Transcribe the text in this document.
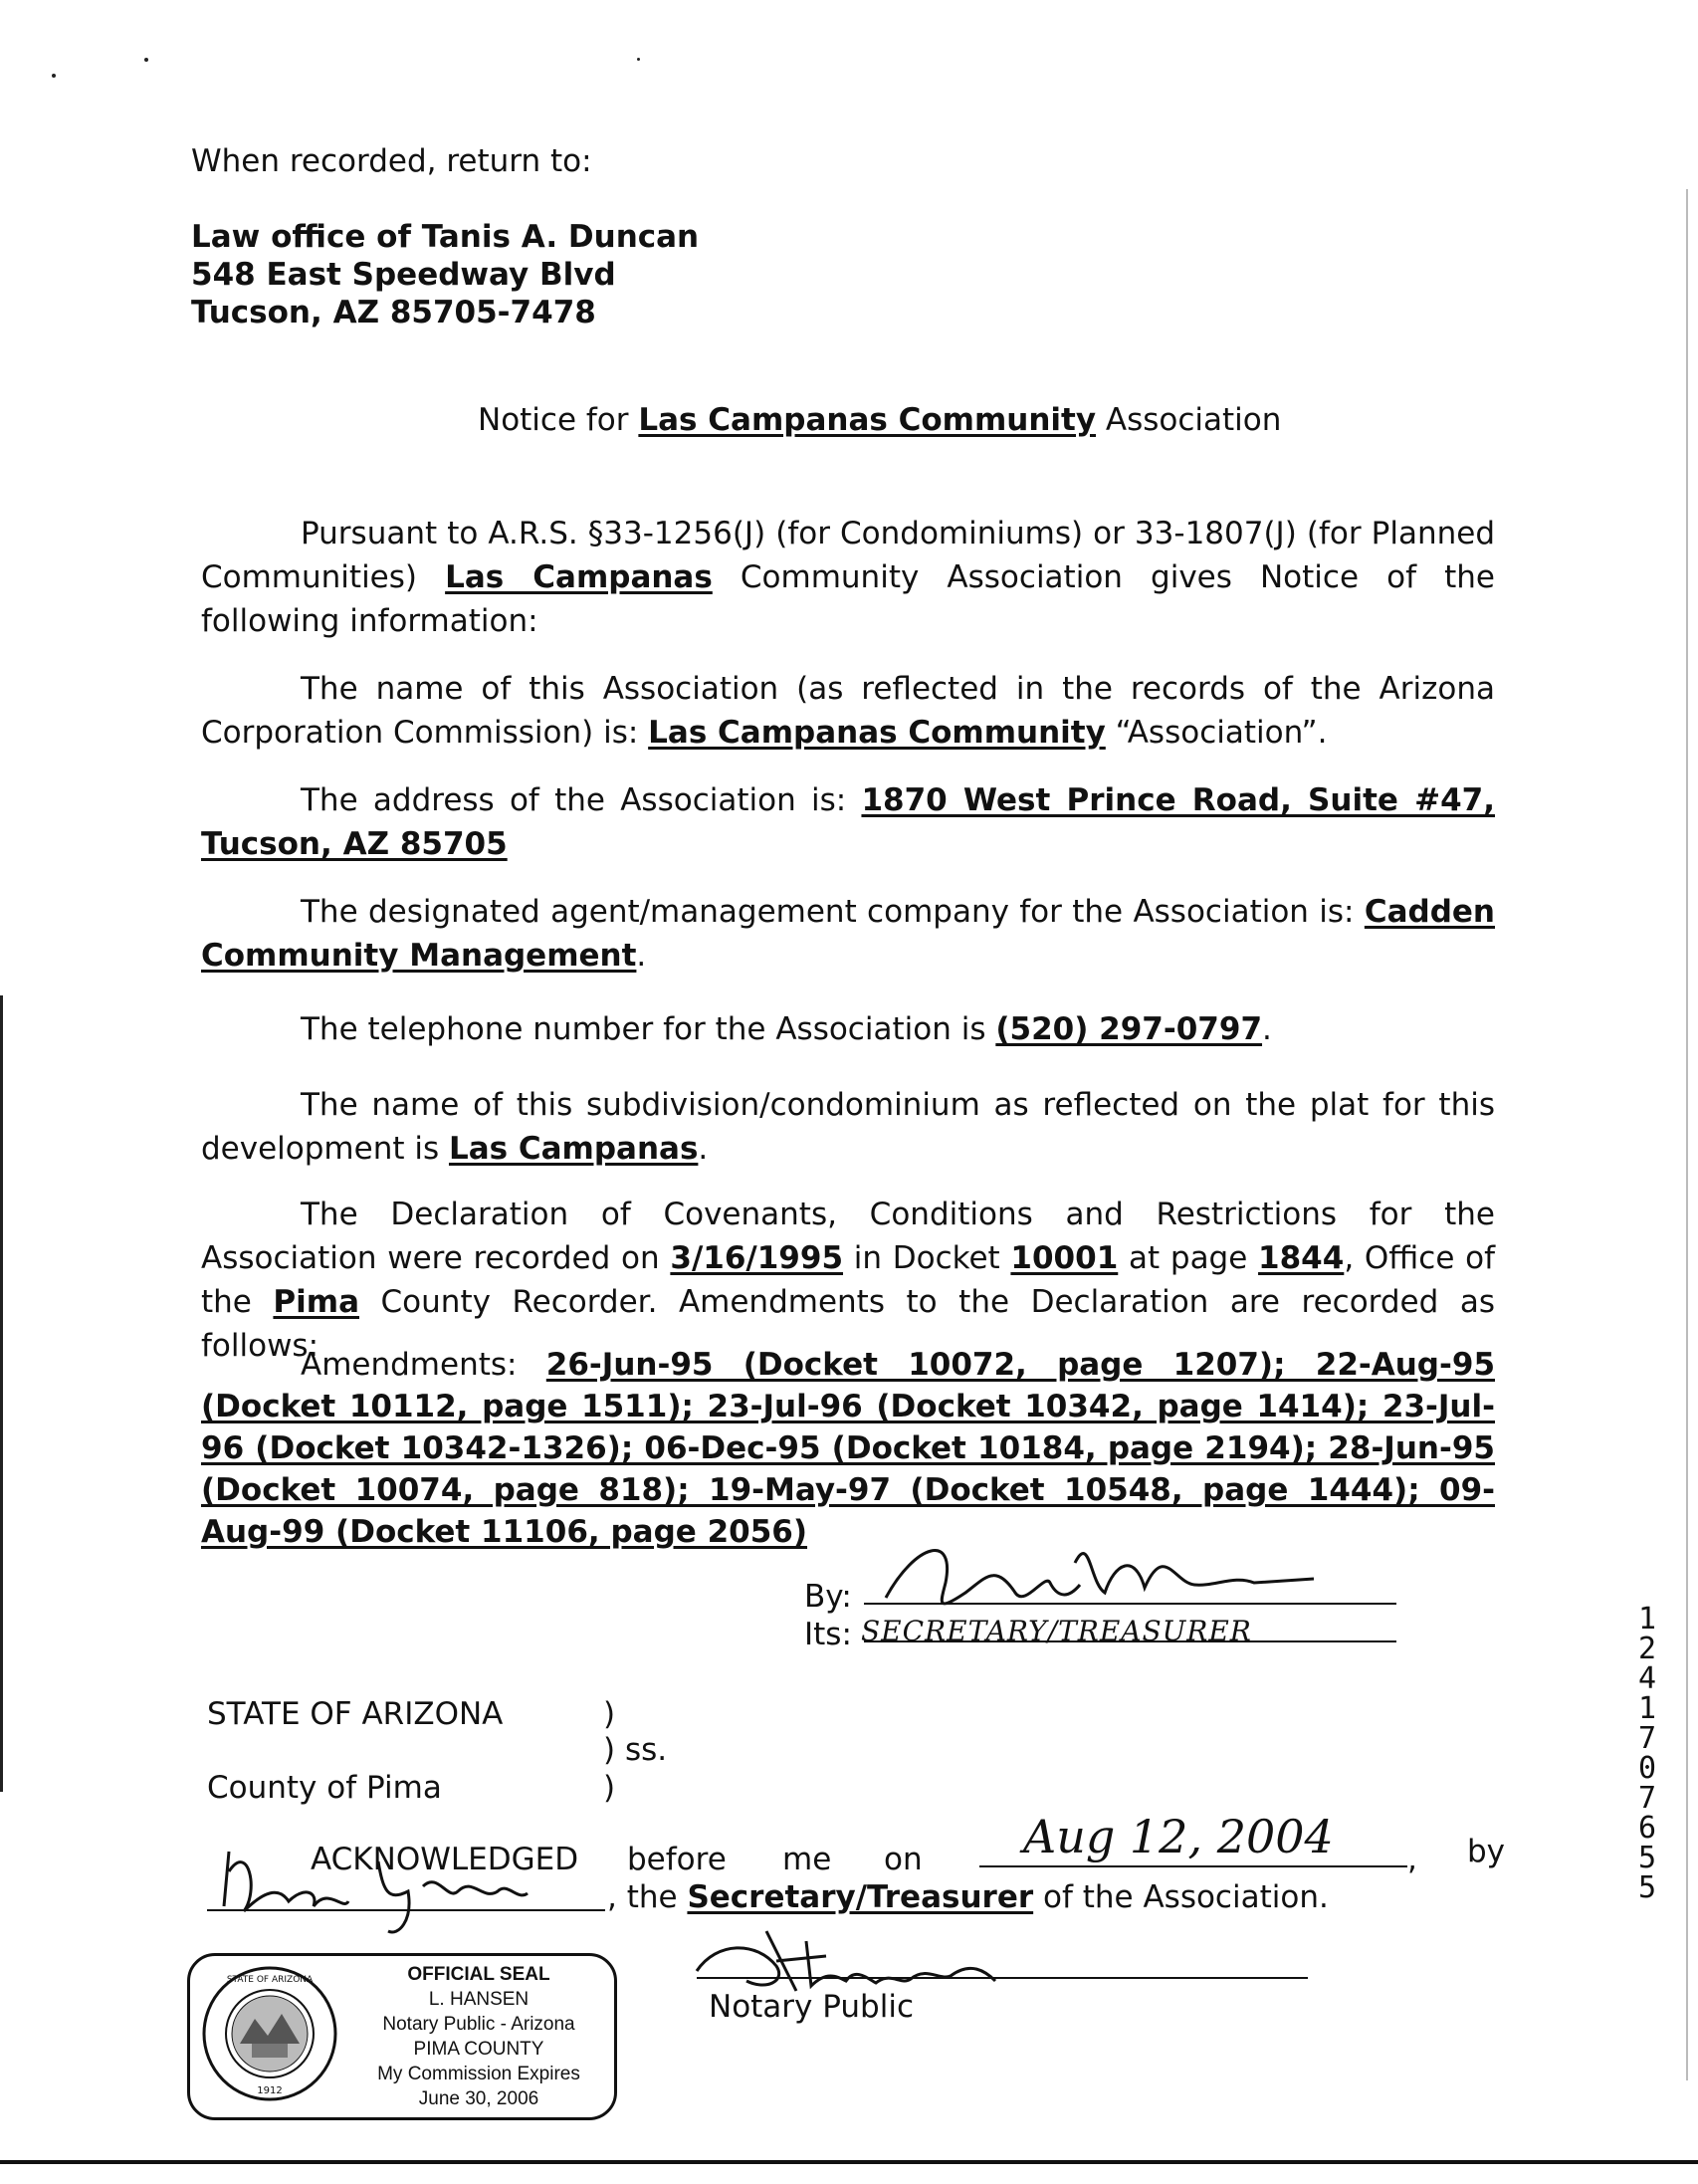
When recorded, return to:
Law office of Tanis A. Duncan
548 East Speedway Blvd
Tucson, AZ 85705-7478
Notice for Las Campanas Community Association
Pursuant to A.R.S. §33-1256(J) (for Condominiums) or 33-1807(J) (for Planned Communities) Las Campanas Community Association gives Notice of the following information:
The name of this Association (as reflected in the records of the Arizona Corporation Commission) is: Las Campanas Community “Association”.
The address of the Association is: 1870 West Prince Road, Suite #47, Tucson, AZ 85705
The designated agent/management company for the Association is: Cadden Community Management.
The telephone number for the Association is (520) 297-0797.
The name of this subdivision/condominium as reflected on the plat for this development is Las Campanas.
The Declaration of Covenants, Conditions and Restrictions for the Association were recorded on 3/16/1995 in Docket 10001 at page 1844, Office of the Pima County Recorder. Amendments to the Declaration are recorded as follows:
Amendments: 26-Jun-95 (Docket 10072, page 1207); 22-Aug-95 (Docket 10112, page 1511); 23-Jul-96 (Docket 10342, page 1414); 23-Jul-96 (Docket 10342-1326); 06-Dec-95 (Docket 10184, page 2194); 28-Jun-95 (Docket 10074, page 818); 19-May-97 (Docket 10548, page 1444); 09-Aug-99 (Docket 11106, page 2056)
By:
Its: SECRETARY/TREASURER
STATE OF ARIZONA
County of Pima
)
) ss.
)
ACKNOWLEDGED before me on Aug 12, 2004 , by
, the Secretary/Treasurer of the Association.
Notary Public
STATE OF ARIZONA
1912
OFFICIAL SEAL
L. HANSEN
Notary Public - Arizona
PIMA COUNTY
My Commission Expires
June 30, 2006
1
2
4
1
7
0
7
6
5
5
